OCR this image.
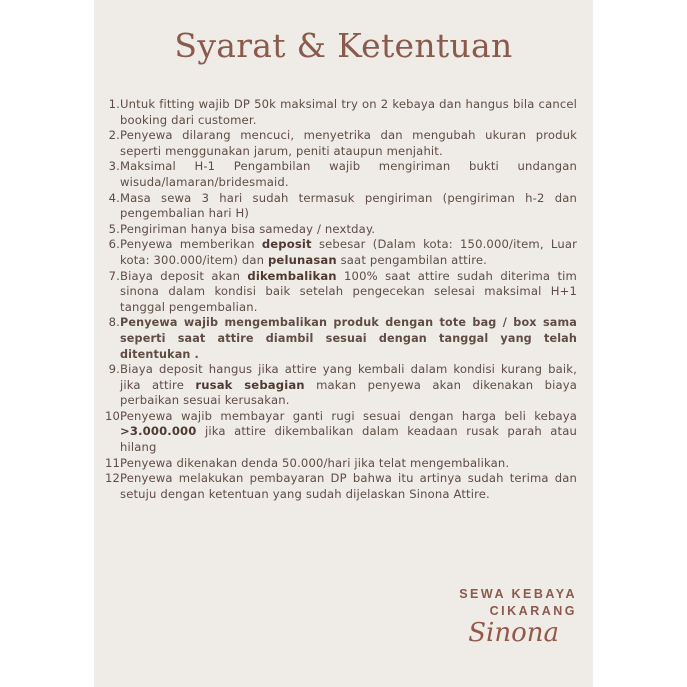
Syarat & Ketentuan
1. Untuk fitting wajib DP 50k maksimal try on 2 kebaya dan hangus bila cancel booking dari customer.
2. Penyewa dilarang mencuci, menyetrika dan mengubah ukuran produk seperti menggunakan jarum, peniti ataupun menjahit.
3. Maksimal H-1 Pengambilan wajib mengiriman bukti undangan wisuda/lamaran/bridesmaid.
4. Masa sewa 3 hari sudah termasuk pengiriman (pengiriman h-2 dan pengembalian hari H)
5. Pengiriman hanya bisa sameday / nextday.
6. Penyewa memberikan deposit sebesar (Dalam kota: 150.000/item, Luar kota: 300.000/item) dan pelunasan saat pengambilan attire.
7. Biaya deposit akan dikembalikan 100% saat attire sudah diterima tim sinona dalam kondisi baik setelah pengecekan selesai maksimal H+1 tanggal pengembalian.
8. Penyewa wajib mengembalikan produk dengan tote bag / box sama seperti saat attire diambil sesuai dengan tanggal yang telah ditentukan .
9. Biaya deposit hangus jika attire yang kembali dalam kondisi kurang baik, jika attire rusak sebagian makan penyewa akan dikenakan biaya perbaikan sesuai kerusakan.
10.
Penyewa wajib membayar ganti rugi sesuai dengan harga beli kebaya >3.000.000 jika attire dikembalikan dalam keadaan rusak parah atau hilang
11.
Penyewa dikenakan denda 50.000/hari jika telat mengembalikan.
12.
Penyewa melakukan pembayaran DP bahwa itu artinya sudah terima dan setuju dengan ketentuan yang sudah dijelaskan Sinona Attire.
SEWA KEBAYA
CIKARANG
Sinona
